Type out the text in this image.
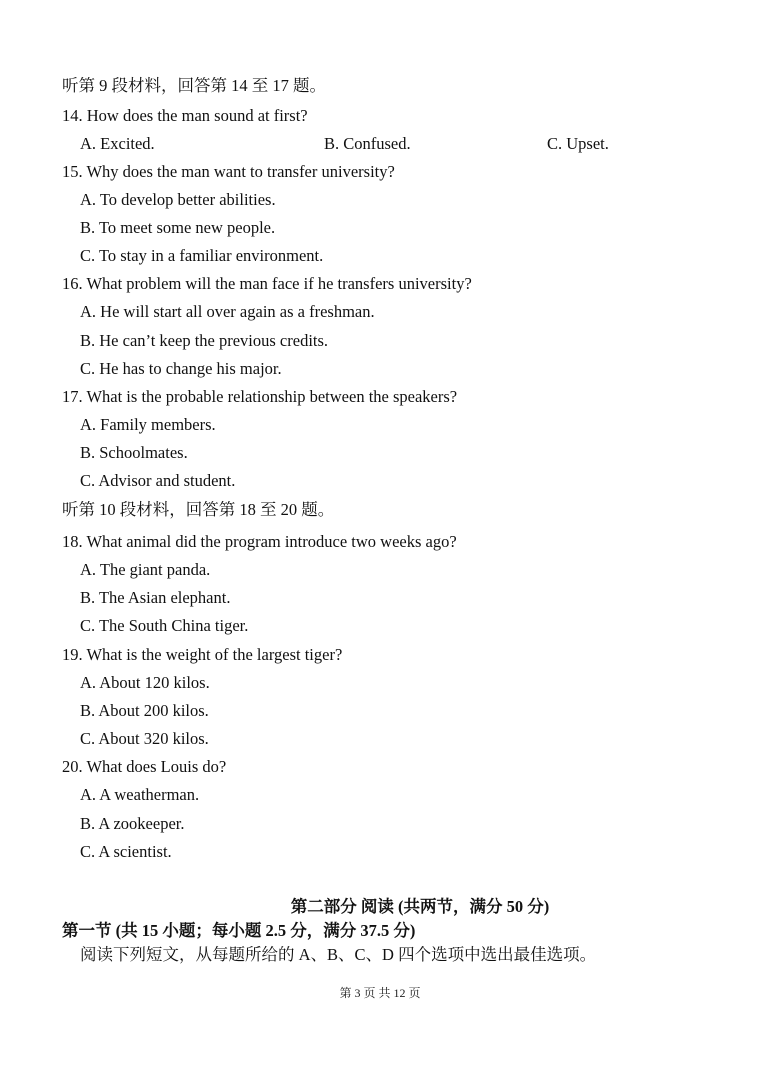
听第 9 段材料，回答第 14 至 17 题。
14. How does the man sound at first?
A. Excited.	B. Confused.	C. Upset.
15. Why does the man want to transfer university?
A. To develop better abilities.
B. To meet some new people.
C. To stay in a familiar environment.
16. What problem will the man face if he transfers university?
A. He will start all over again as a freshman.
B. He can’t keep the previous credits.
C. He has to change his major.
17. What is the probable relationship between the speakers?
A. Family members.
B. Schoolmates.
C. Advisor and student.
听第 10 段材料，回答第 18 至 20 题。
18. What animal did the program introduce two weeks ago?
A. The giant panda.
B. The Asian elephant.
C. The South China tiger.
19. What is the weight of the largest tiger?
A. About 120 kilos.
B. About 200 kilos.
C. About 320 kilos.
20. What does Louis do?
A. A weatherman.
B. A zookeeper.
C. A scientist.
第二部分 阅读 (共两节，满分 50 分)
第一节 (共 15 小题；每小题 2.5 分，满分 37.5 分)
阅读下列短文，从每题所给的 A、B、C、D 四个选项中选出最佳选项。
第 3 页 共 12 页
